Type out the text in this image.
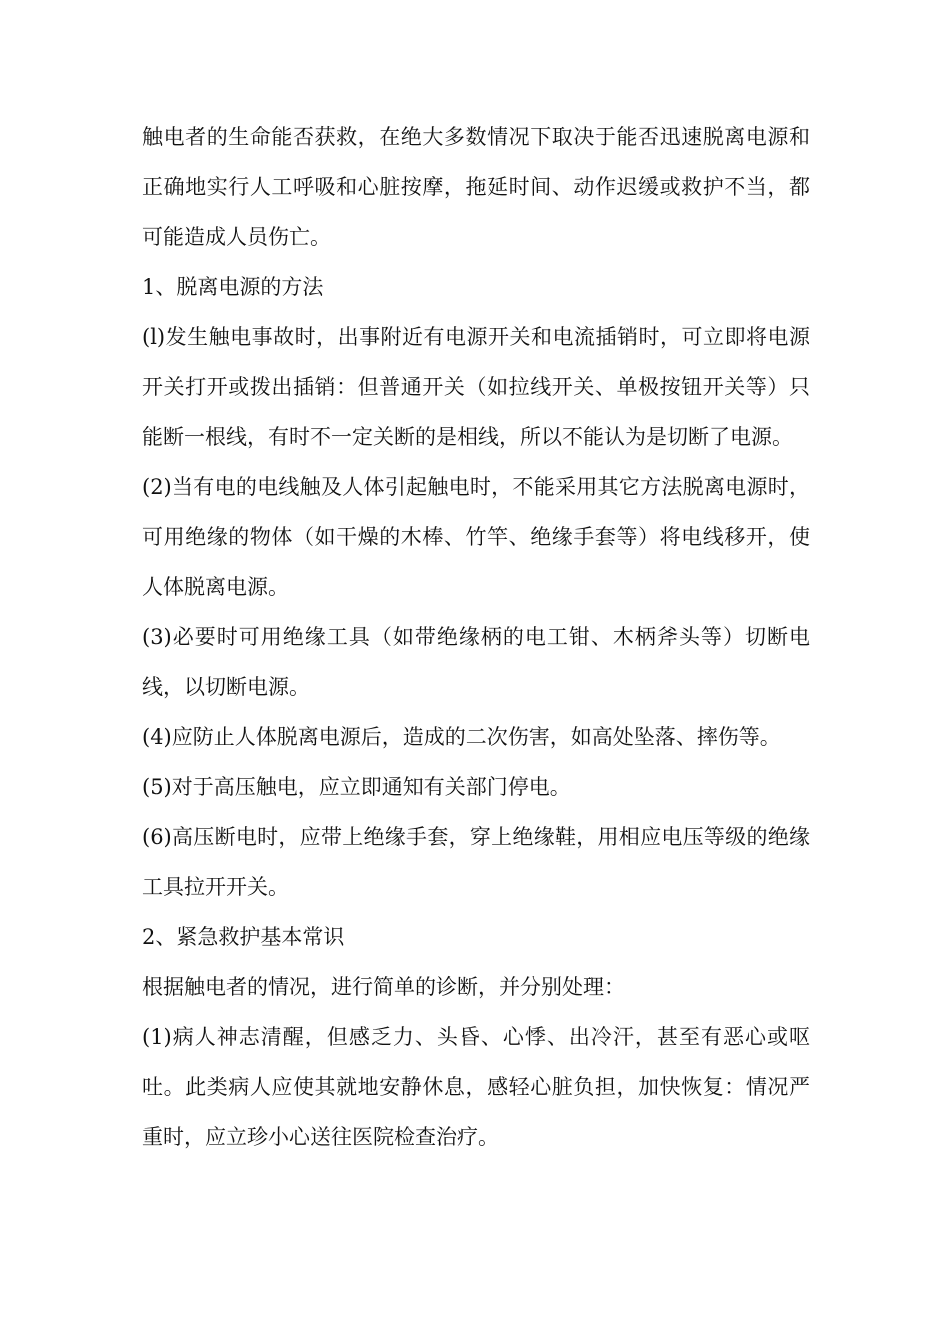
触电者的生命能否获救，在绝大多数情况下取决于能否迅速脱离电源和正确地实行人工呼吸和心脏按摩，拖延时间、动作迟缓或救护不当，都可能造成人员伤亡。

1、脱离电源的方法

(l)发生触电事故时，出事附近有电源开关和电流插销时，可立即将电源开关打开或拨出插销：但普通开关（如拉线开关、单极按钮开关等）只能断一根线，有时不一定关断的是相线，所以不能认为是切断了电源。

(2)当有电的电线触及人体引起触电时，不能采用其它方法脱离电源时，可用绝缘的物体（如干燥的木棒、竹竿、绝缘手套等）将电线移开，使人体脱离电源。

(3)必要时可用绝缘工具（如带绝缘柄的电工钳、木柄斧头等）切断电线，以切断电源。

(4)应防止人体脱离电源后，造成的二次伤害，如高处坠落、摔伤等。

(5)对于高压触电，应立即通知有关部门停电。

(6)高压断电时，应带上绝缘手套，穿上绝缘鞋，用相应电压等级的绝缘工具拉开开关。

2、紧急救护基本常识

根据触电者的情况，进行简单的诊断，并分别处理：

(1)病人神志清醒，但感乏力、头昏、心悸、出冷汗，甚至有恶心或呕吐。此类病人应使其就地安静休息，感轻心脏负担，加快恢复：情况严重时，应立珍小心送往医院检查治疗。
